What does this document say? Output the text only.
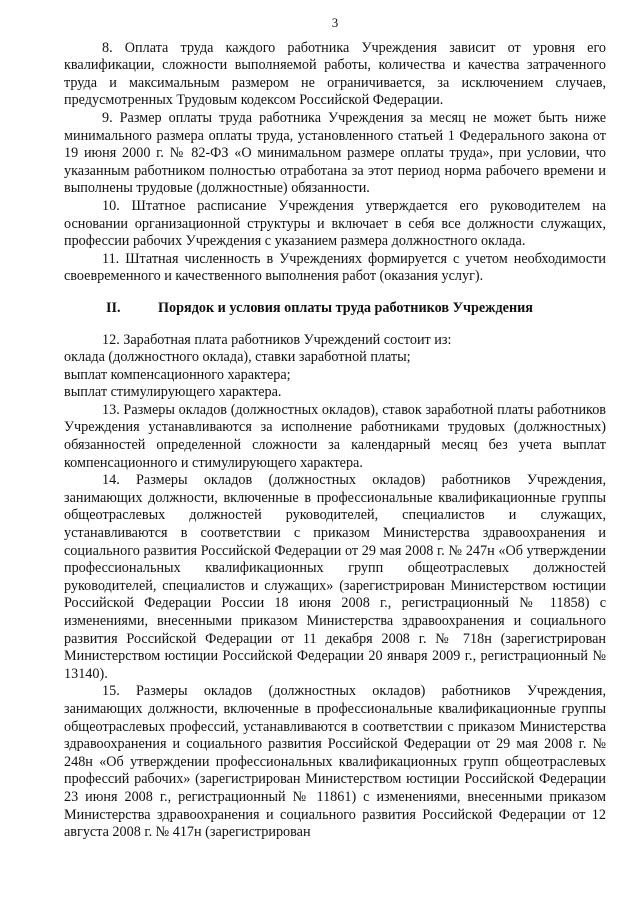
3

8. Оплата труда каждого работника Учреждения зависит от уровня его квалификации, сложности выполняемой работы, количества и качества затраченного труда и максимальным размером не ограничивается, за исключением случаев, предусмотренных Трудовым кодексом Российской Федерации.

9. Размер оплаты труда работника Учреждения за месяц не может быть ниже минимального размера оплаты труда, установленного статьей 1 Федерального закона от 19 июня 2000 г. № 82-ФЗ «О минимальном размере оплаты труда», при условии, что указанным работником полностью отработана за этот период норма рабочего времени и выполнены трудовые (должностные) обязанности.

10. Штатное расписание Учреждения утверждается его руководителем на основании организационной структуры и включает в себя все должности служащих, профессии рабочих Учреждения с указанием размера должностного оклада.

11. Штатная численность в Учреждениях формируется с учетом необходимости своевременного и качественного выполнения работ (оказания услуг).

II.	Порядок и условия оплаты труда работников Учреждения

12. Заработная плата работников Учреждений состоит из:

оклада (должностного оклада), ставки заработной платы;

выплат компенсационного характера;

выплат стимулирующего характера.

13. Размеры окладов (должностных окладов), ставок заработной платы работников Учреждения устанавливаются за исполнение работниками трудовых (должностных) обязанностей определенной сложности за календарный месяц без учета выплат компенсационного и стимулирующего характера.

14. Размеры окладов (должностных окладов) работников Учреждения, занимающих должности, включенные в профессиональные квалификационные группы общеотраслевых должностей руководителей, специалистов и служащих, устанавливаются в соответствии с приказом Министерства здравоохранения и социального развития Российской Федерации от 29 мая 2008 г. № 247н «Об утверждении профессиональных квалификационных групп общеотраслевых должностей руководителей, специалистов и служащих» (зарегистрирован Министерством юстиции Российской Федерации России 18 июня 2008 г., регистрационный № 11858) с изменениями, внесенными приказом Министерства здравоохранения и социального развития Российской Федерации от 11 декабря 2008 г. № 718н (зарегистрирован Министерством юстиции Российской Федерации 20 января 2009 г., регистрационный № 13140).

15. Размеры окладов (должностных окладов) работников Учреждения, занимающих должности, включенные в профессиональные квалификационные группы общеотраслевых профессий, устанавливаются в соответствии с приказом Министерства здравоохранения и социального развития Российской Федерации от 29 мая 2008 г. № 248н «Об утверждении профессиональных квалификационных групп общеотраслевых профессий рабочих» (зарегистрирован Министерством юстиции Российской Федерации 23 июня 2008 г., регистрационный № 11861) с изменениями, внесенными приказом Министерства здравоохранения и социального развития Российской Федерации от 12 августа 2008 г. № 417н (зарегистрирован
